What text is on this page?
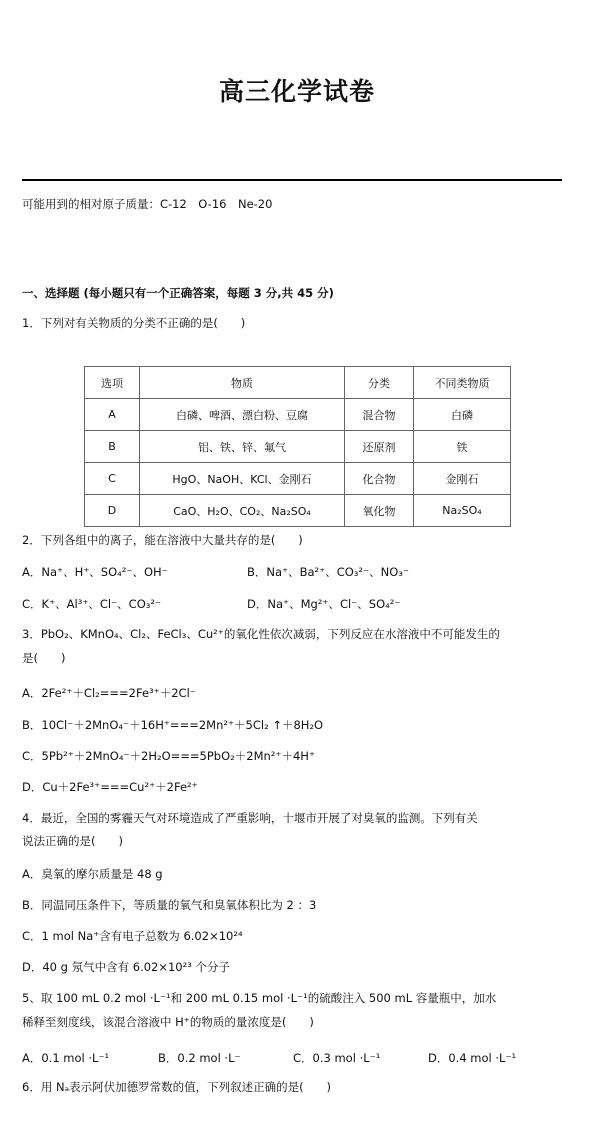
高三化学试卷
可能用到的相对原子质量：C-12　O-16　Ne-20
一、选择题 (每小题只有一个正确答案，每题 3 分,共 45 分)
1．下列对有关物质的分类不正确的是(　　)
选项	物质	分类	不同类物质
A	白磷、啤酒、漂白粉、豆腐	混合物	白磷
B	铝、铁、锌、氟气	还原剂	铁
C	HgO、NaOH、KCl、金刚石	化合物	金刚石
D	CaO、H₂O、CO₂、Na₂SO₄	氧化物	Na₂SO₄
2．下列各组中的离子，能在溶液中大量共存的是(　　)
A．Na⁺、H⁺、SO₄²⁻、OH⁻	B．Na⁺、Ba²⁺、CO₃²⁻、NO₃⁻
C．K⁺、Al³⁺、Cl⁻、CO₃²⁻	D．Na⁺、Mg²⁺、Cl⁻、SO₄²⁻
3．PbO₂、KMnO₄、Cl₂、FeCl₃、Cu²⁺的氧化性依次减弱，下列反应在水溶液中不可能发生的
是(　　)
A．2Fe²⁺＋Cl₂===2Fe³⁺＋2Cl⁻
B．10Cl⁻＋2MnO₄⁻＋16H⁺===2Mn²⁺＋5Cl₂ ↑＋8H₂O
C．5Pb²⁺＋2MnO₄⁻＋2H₂O===5PbO₂＋2Mn²⁺＋4H⁺
D．Cu＋2Fe³⁺===Cu²⁺＋2Fe²⁺
4．最近，全国的雾霾天气对环境造成了严重影响，十堰市开展了对臭氧的监测。下列有关
说法正确的是(　　)
A．臭氧的摩尔质量是 48 g
B．同温同压条件下，等质量的氧气和臭氧体积比为 2 ：3
C．1 mol Na⁺含有电子总数为 6.02×10²⁴
D．40 g 氖气中含有 6.02×10²³ 个分子
5、取 100 mL 0.2 mol ·L⁻¹和 200 mL 0.15 mol ·L⁻¹的硫酸注入 500 mL 容量瓶中，加水
稀释至刻度线，该混合溶液中 H⁺的物质的量浓度是(　　)
A．0.1 mol ·L⁻¹	B．0.2 mol ·L⁻	C．0.3 mol ·L⁻¹	D．0.4 mol ·L⁻¹
6．用 Nₐ表示阿伏加德罗常数的值，下列叙述正确的是(　　)
